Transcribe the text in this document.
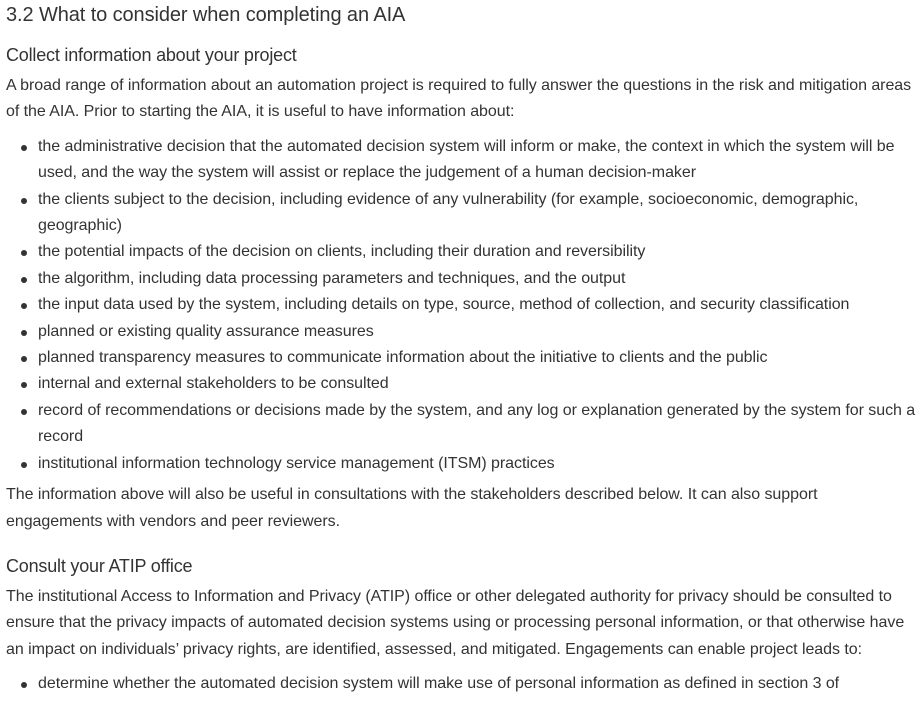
3.2 What to consider when completing an AIA
Collect information about your project

A broad range of information about an automation project is required to fully answer the questions in the risk and mitigation areas of the AIA. Prior to starting the AIA, it is useful to have information about:

the administrative decision that the automated decision system will inform or make, the context in which the system will be used, and the way the system will assist or replace the judgement of a human decision-maker
the clients subject to the decision, including evidence of any vulnerability (for example, socioeconomic, demographic, geographic)
the potential impacts of the decision on clients, including their duration and reversibility
the algorithm, including data processing parameters and techniques, and the output
the input data used by the system, including details on type, source, method of collection, and security classification
planned or existing quality assurance measures
planned transparency measures to communicate information about the initiative to clients and the public
internal and external stakeholders to be consulted
record of recommendations or decisions made by the system, and any log or explanation generated by the system for such a record
institutional information technology service management (ITSM) practices

The information above will also be useful in consultations with the stakeholders described below. It can also support engagements with vendors and peer reviewers.

Consult your ATIP office

The institutional Access to Information and Privacy (ATIP) office or other delegated authority for privacy should be consulted to ensure that the privacy impacts of automated decision systems using or processing personal information, or that otherwise have an impact on individuals’ privacy rights, are identified, assessed, and mitigated. Engagements can enable project leads to:

determine whether the automated decision system will make use of personal information as defined in section 3 of
